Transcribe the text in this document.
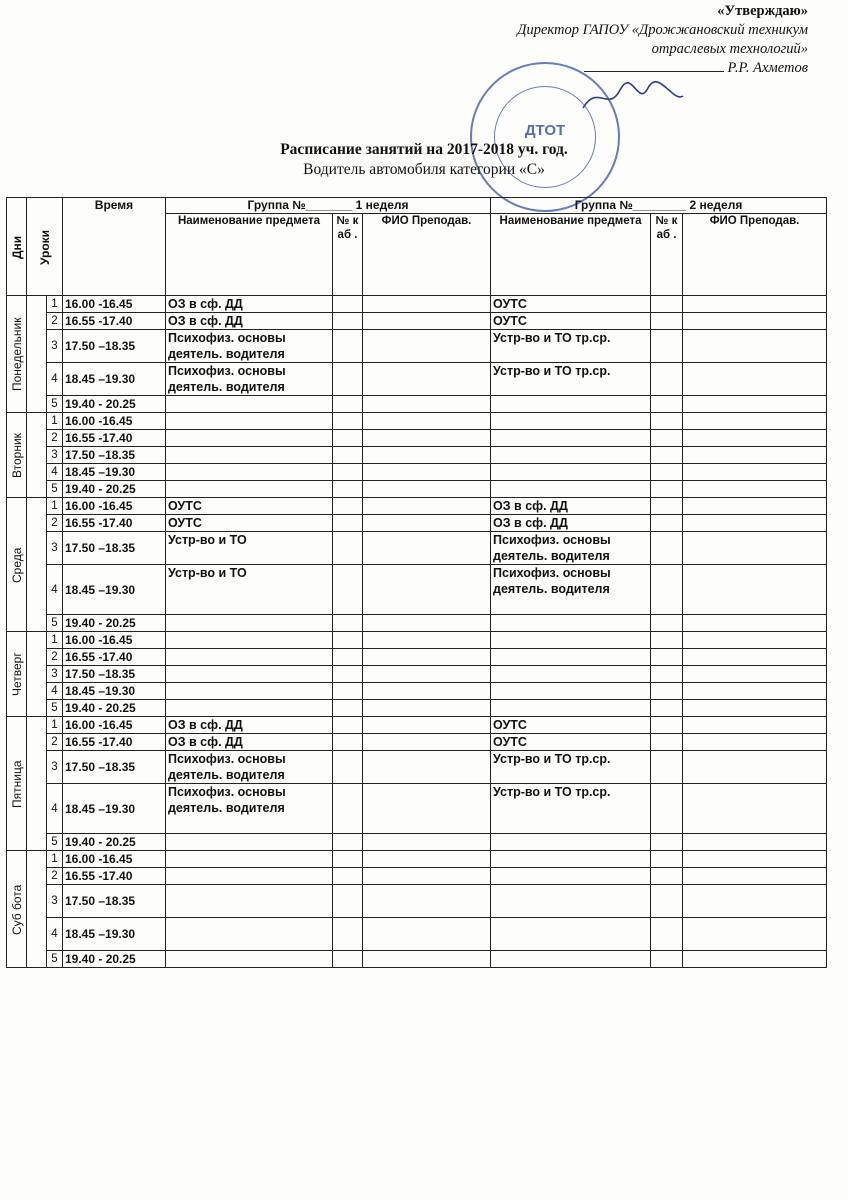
«Утверждаю»
Директор ГАПОУ «Дрожжановский техникум
отраслевых технологий»
Р.Р. Ахметов
ДТОТ
Расписание занятий на 2017-2018 уч. год.
Водитель автомобиля категории «С»
Дни	Уроки		Время	Группа №_______ 1 неделя			Группа №________ 2 неделя		
				Наименование предмета	№ к аб .	ФИО Преподав.	Наименование предмета	№ к аб .	ФИО Преподав.
Понедельник		1	16.00 -16.45	ОЗ в сф. ДД			ОУТС		
		2	16.55 -17.40	ОЗ в сф. ДД			ОУТС		
		3	17.50 –18.35	Психофиз. основы деятель. водителя			Устр-во и ТО тр.ср.		
		4	18.45 –19.30	Психофиз. основы деятель. водителя			Устр-во и ТО тр.ср.		
		5	19.40 - 20.25						
Вторник		1	16.00 -16.45						
		2	16.55 -17.40						
		3	17.50 –18.35						
		4	18.45 –19.30						
		5	19.40 - 20.25						
Среда		1	16.00 -16.45	ОУТС			ОЗ в сф. ДД		
		2	16.55 -17.40	ОУТС			ОЗ в сф. ДД		
		3	17.50 –18.35	Устр-во и ТО			Психофиз. основы деятель. водителя		
		4	18.45 –19.30	Устр-во и ТО			Психофиз. основы деятель. водителя		
		5	19.40 - 20.25						
Четверг		1	16.00 -16.45						
		2	16.55 -17.40						
		3	17.50 –18.35						
		4	18.45 –19.30						
		5	19.40 - 20.25						
Пятница		1	16.00 -16.45	ОЗ в сф. ДД			ОУТС		
		2	16.55 -17.40	ОЗ в сф. ДД			ОУТС		
		3	17.50 –18.35	Психофиз. основы деятель. водителя			Устр-во и ТО тр.ср.		
		4	18.45 –19.30	Психофиз. основы деятель. водителя			Устр-во и ТО тр.ср.		
		5	19.40 - 20.25						
Суб бота		1	16.00 -16.45						
		2	16.55 -17.40						
		3	17.50 –18.35						
		4	18.45 –19.30						
		5	19.40 - 20.25						
